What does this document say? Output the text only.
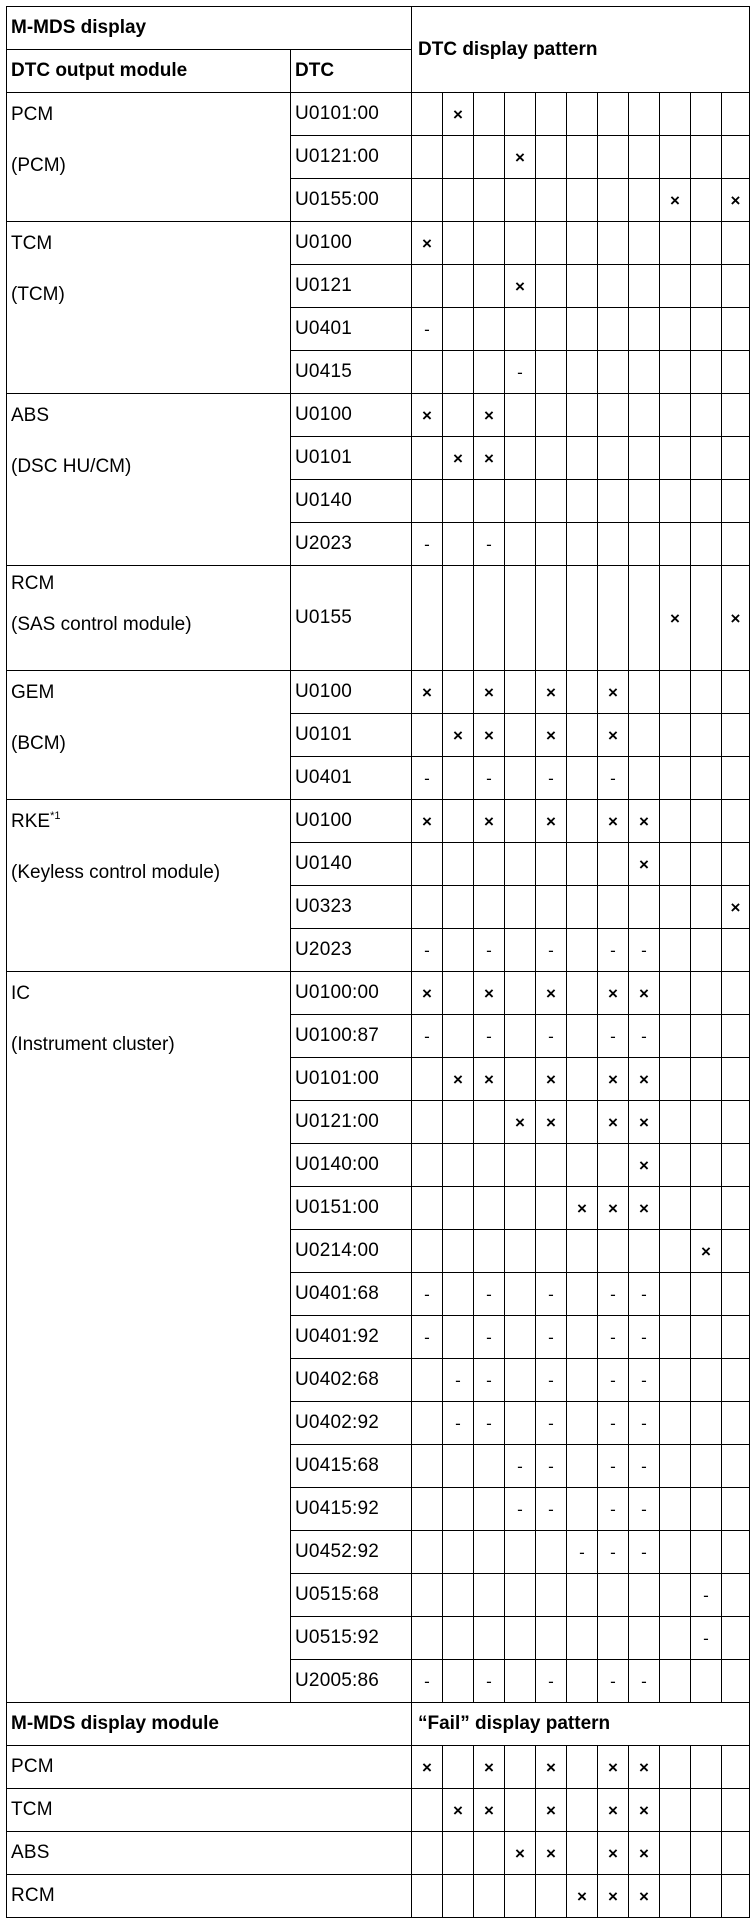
M-MDS display		DTC display pattern										
DTC output module	DTC											

PCM
(PCM)	U0101:00		×									
	U0121:00				×							
	U0155:00									×		×

TCM
(TCM)	U0100	×										
	U0121				×							
	U0401	-										
	U0415				-							

ABS
(DSC HU/CM)	U0100	×		×								
	U0101		×	×								
	U0140											
	U2023	-		-								

RCM
(SAS control module)	U0155									×		×

GEM
(BCM)	U0100	×		×		×		×				
	U0101		×	×		×		×				
	U0401	-		-		-		-				

RKE$^{*1}$
(Keyless control module)	U0100	×		×		×		×	×			
	U0140								×			
	U0323											×
	U2023	-		-		-		-	-			

IC
(Instrument cluster)	U0100:00	×		×		×		×	×			
	U0100:87	-		-		-		-	-			
	U0101:00		×	×		×		×	×			
	U0121:00				×	×		×	×			
	U0140:00								×			
	U0151:00						×	×	×			
	U0214:00										×	
	U0401:68	-		-		-		-	-			
	U0401:92	-		-		-		-	-			
	U0402:68		-	-		-		-	-			
	U0402:92		-	-		-		-	-			
	U0415:68				-	-		-	-			
	U0415:92				-	-		-	-			
	U0452:92						-	-	-			
	U0515:68										-	
	U0515:92										-	
	U2005:86	-		-		-		-	-			
M-MDS display module		“Fail” display pattern										
PCM		×		×		×		×	×			
TCM			×	×		×		×	×			
ABS					×	×		×	×			
RCM							×	×	×			
